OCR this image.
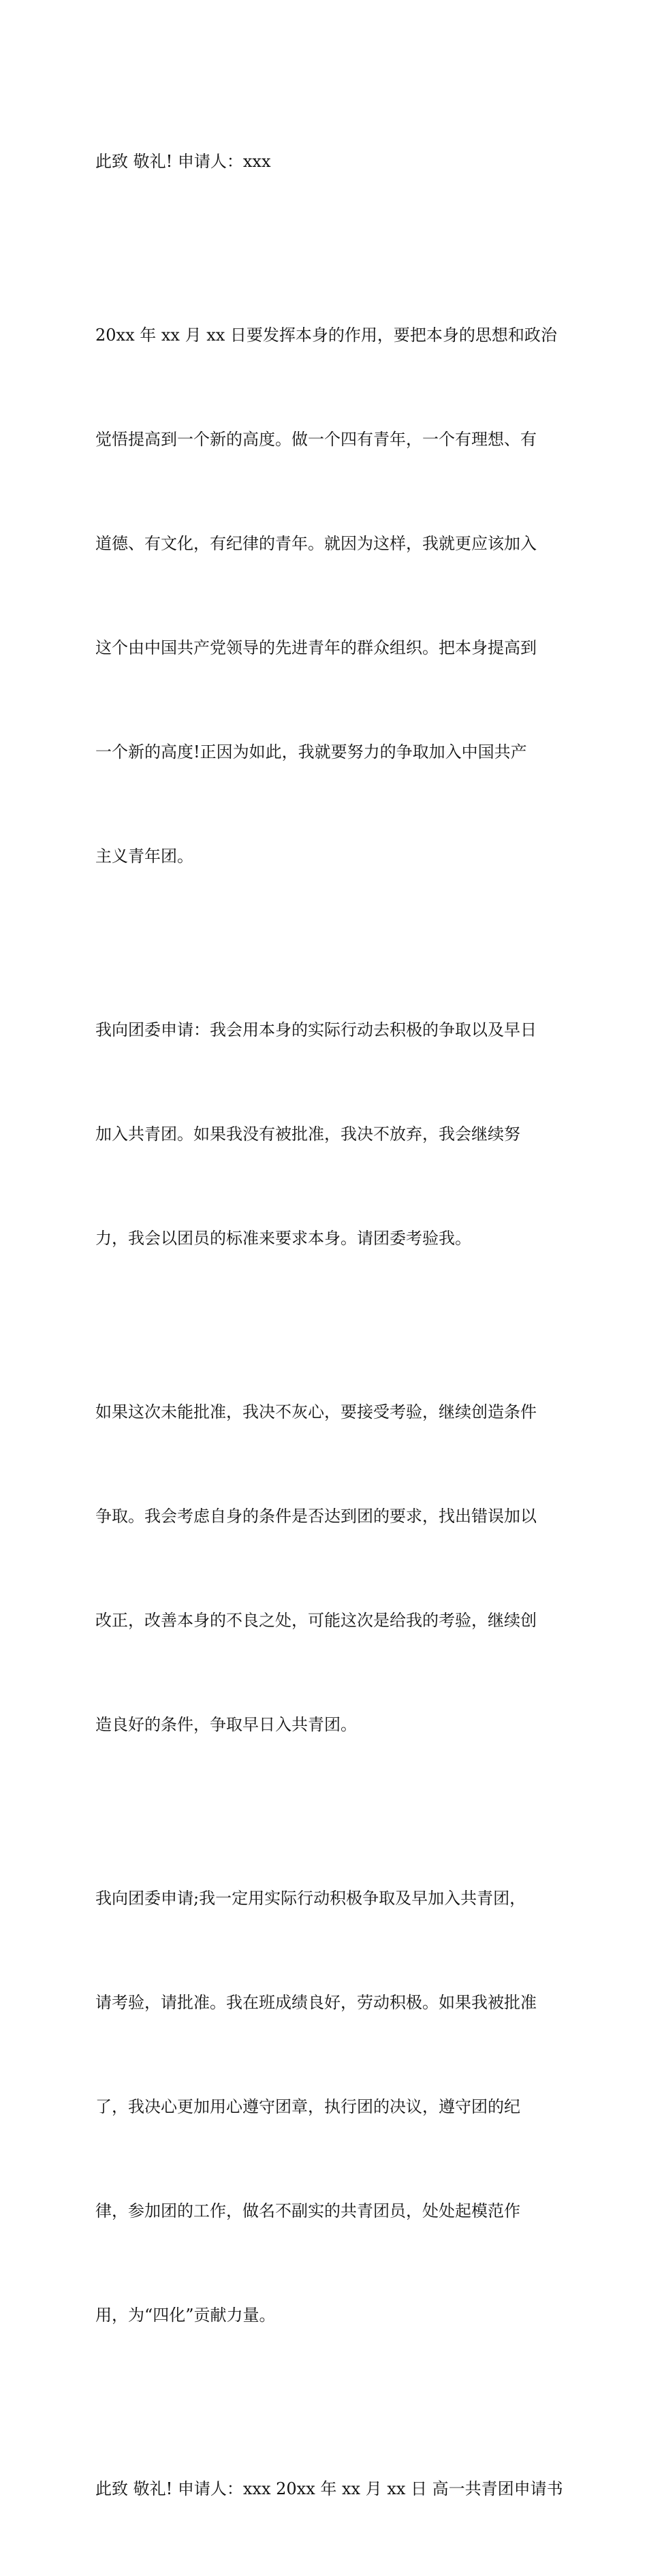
此致 敬礼! 申请人：xxx

20xx 年 xx 月 xx 日要发挥本身的作用，要把本身的思想和政治

觉悟提高到一个新的高度。做一个四有青年，一个有理想、有

道德、有文化，有纪律的青年。就因为这样，我就更应该加入

这个由中国共产党领导的先进青年的群众组织。把本身提高到

一个新的高度!正因为如此，我就要努力的争取加入中国共产

主义青年团。

我向团委申请：我会用本身的实际行动去积极的争取以及早日

加入共青团。如果我没有被批准，我决不放弃，我会继续努

力，我会以团员的标准来要求本身。请团委考验我。

如果这次未能批准，我决不灰心，要接受考验，继续创造条件

争取。我会考虑自身的条件是否达到团的要求，找出错误加以

改正，改善本身的不良之处，可能这次是给我的考验，继续创

造良好的条件，争取早日入共青团。

我向团委申请;我一定用实际行动积极争取及早加入共青团，

请考验，请批准。我在班成绩良好，劳动积极。如果我被批准

了，我决心更加用心遵守团章，执行团的决议，遵守团的纪

律，参加团的工作，做名不副实的共青团员，处处起模范作

用，为“四化”贡献力量。

此致 敬礼! 申请人：xxx 20xx 年 xx 月 xx 日 高一共青团申请书
